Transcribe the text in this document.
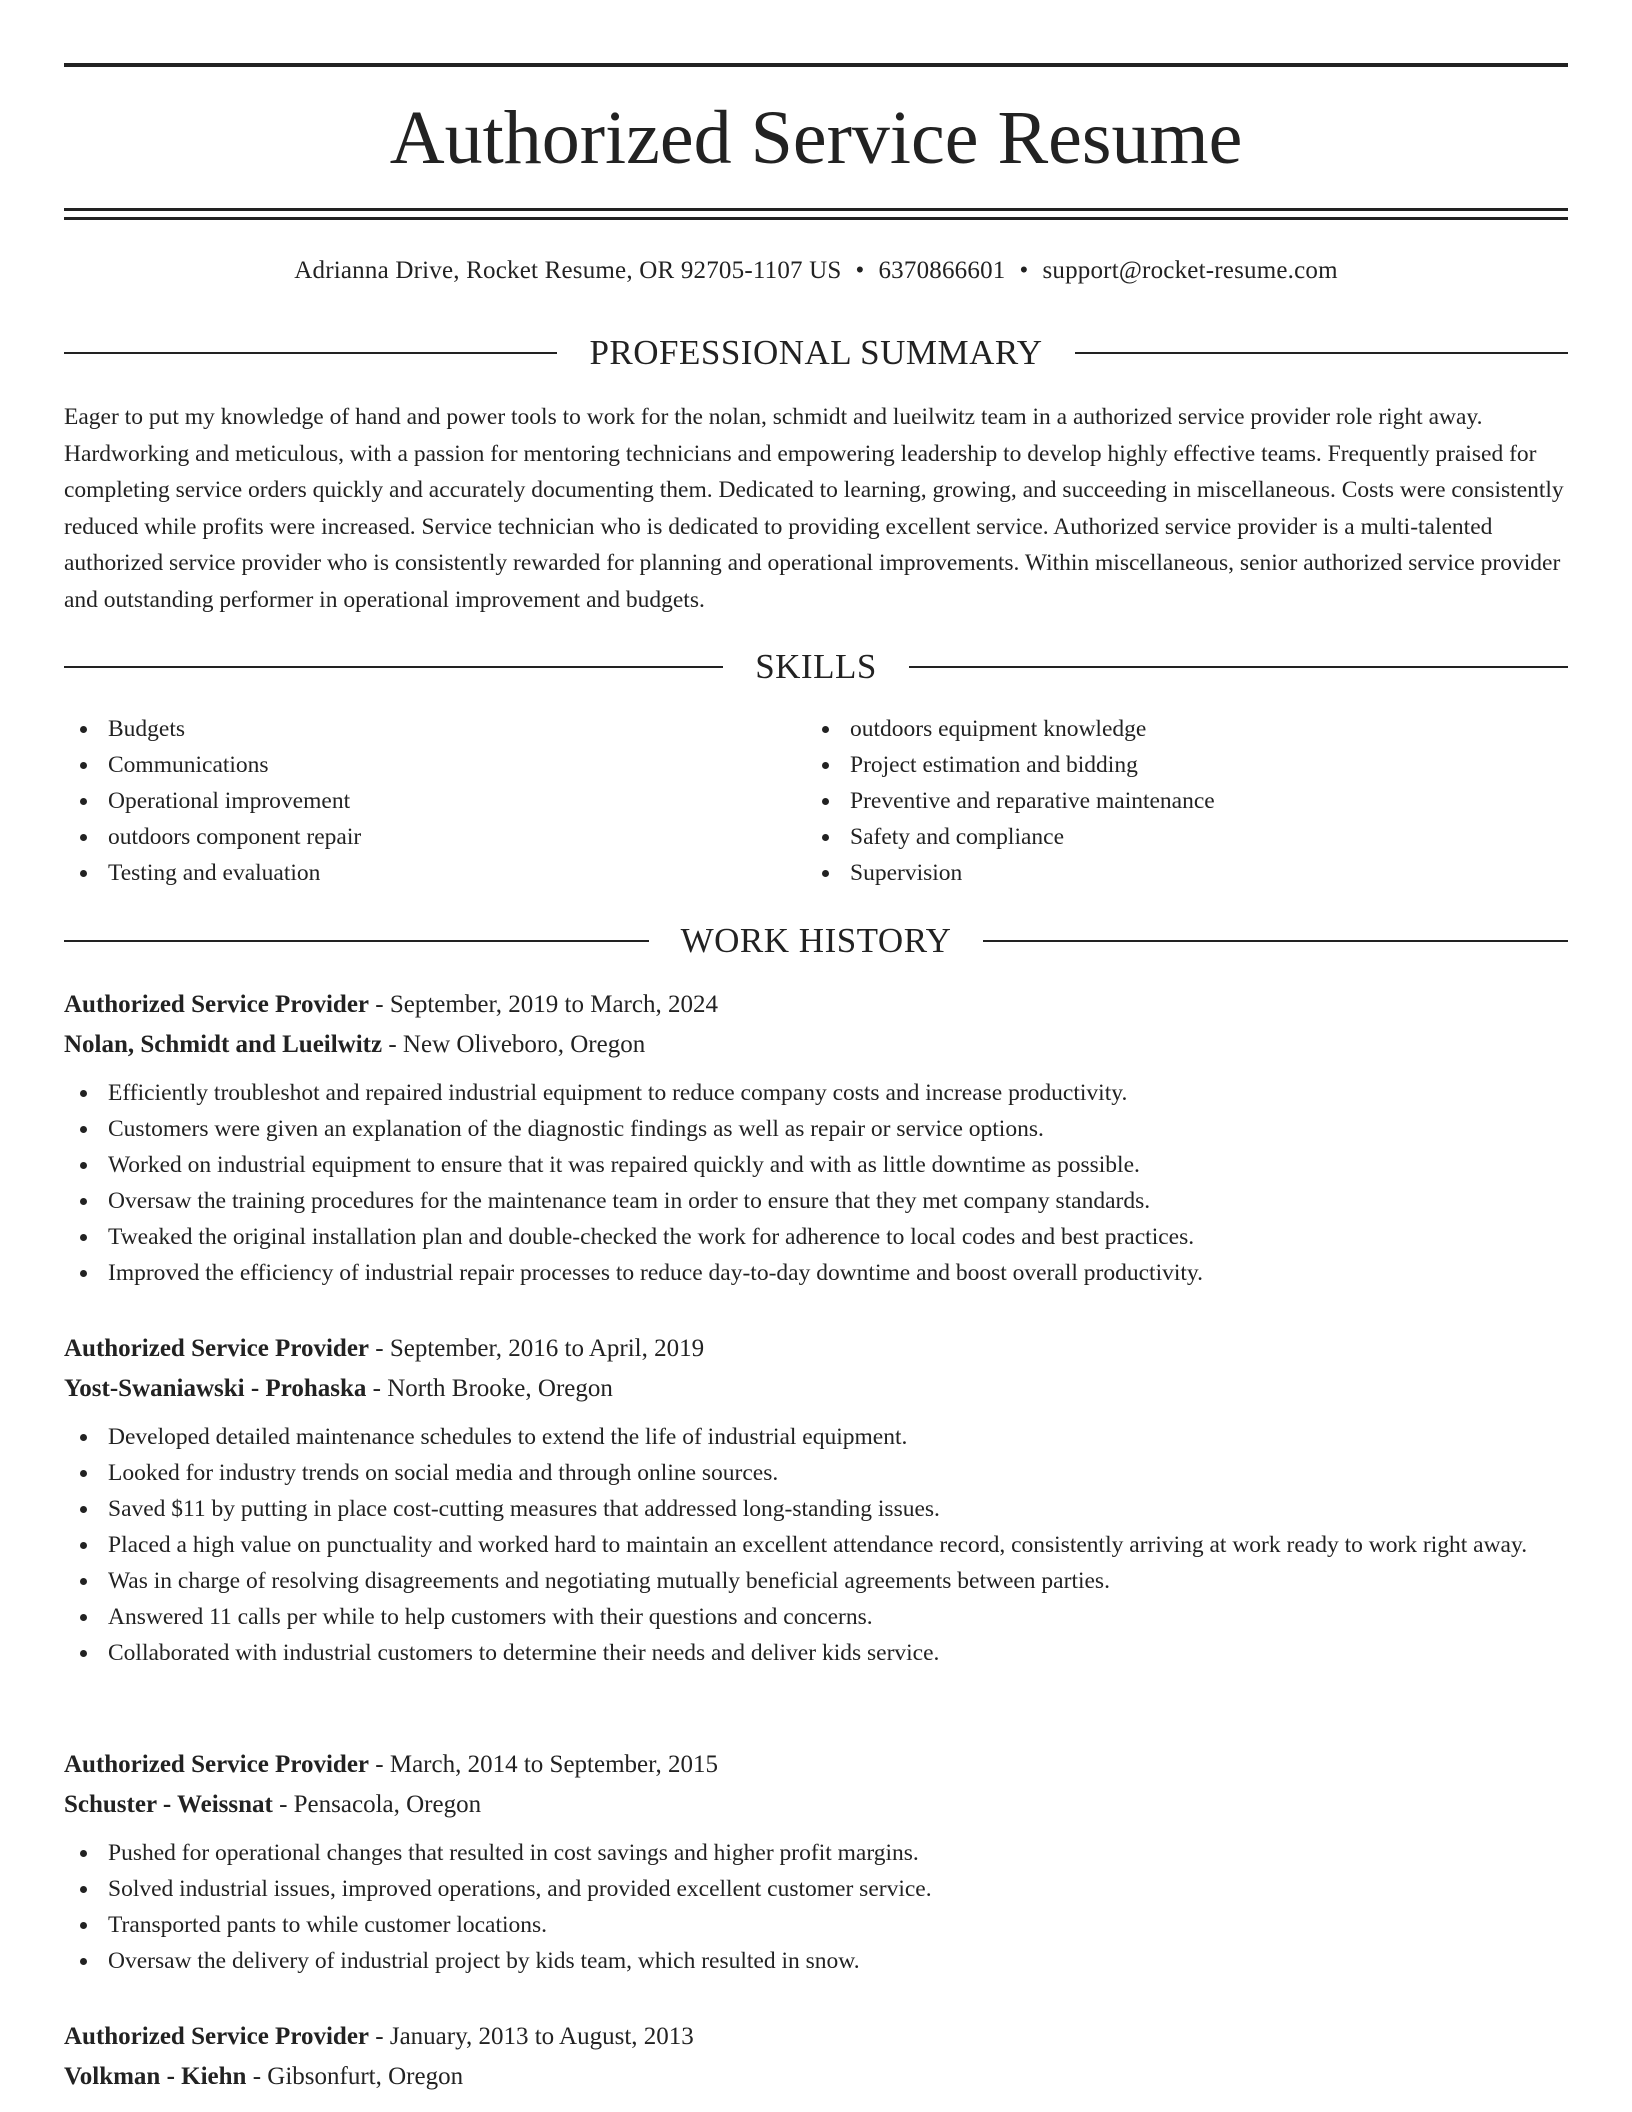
Authorized Service Resume
Adrianna Drive, Rocket Resume, OR 92705-1107 US • 6370866601 • support@rocket-resume.com
PROFESSIONAL SUMMARY

Eager to put my knowledge of hand and power tools to work for the nolan, schmidt and lueilwitz team in a authorized service provider role right away. Hardworking and meticulous, with a passion for mentoring technicians and empowering leadership to develop highly effective teams. Frequently praised for completing service orders quickly and accurately documenting them. Dedicated to learning, growing, and succeeding in miscellaneous. Costs were consistently reduced while profits were increased. Service technician who is dedicated to providing excellent service. Authorized service provider is a multi-talented authorized service provider who is consistently rewarded for planning and operational improvements. Within miscellaneous, senior authorized service provider and outstanding performer in operational improvement and budgets.

SKILLS
Budgets
Communications
Operational improvement
outdoors component repair
Testing and evaluation
outdoors equipment knowledge
Project estimation and bidding
Preventive and reparative maintenance
Safety and compliance
Supervision
WORK HISTORY
Authorized Service Provider - September, 2019 to March, 2024
Nolan, Schmidt and Lueilwitz - New Oliveboro, Oregon
Efficiently troubleshot and repaired industrial equipment to reduce company costs and increase productivity.
Customers were given an explanation of the diagnostic findings as well as repair or service options.
Worked on industrial equipment to ensure that it was repaired quickly and with as little downtime as possible.
Oversaw the training procedures for the maintenance team in order to ensure that they met company standards.
Tweaked the original installation plan and double-checked the work for adherence to local codes and best practices.
Improved the efficiency of industrial repair processes to reduce day-to-day downtime and boost overall productivity.
Authorized Service Provider - September, 2016 to April, 2019
Yost-Swaniawski - Prohaska - North Brooke, Oregon
Developed detailed maintenance schedules to extend the life of industrial equipment.
Looked for industry trends on social media and through online sources.
Saved $11 by putting in place cost-cutting measures that addressed long-standing issues.
Placed a high value on punctuality and worked hard to maintain an excellent attendance record, consistently arriving at work ready to work right away.
Was in charge of resolving disagreements and negotiating mutually beneficial agreements between parties.
Answered 11 calls per while to help customers with their questions and concerns.
Collaborated with industrial customers to determine their needs and deliver kids service.
Authorized Service Provider - March, 2014 to September, 2015
Schuster - Weissnat - Pensacola, Oregon
Pushed for operational changes that resulted in cost savings and higher profit margins.
Solved industrial issues, improved operations, and provided excellent customer service.
Transported pants to while customer locations.
Oversaw the delivery of industrial project by kids team, which resulted in snow.
Authorized Service Provider - January, 2013 to August, 2013
Volkman - Kiehn - Gibsonfurt, Oregon
